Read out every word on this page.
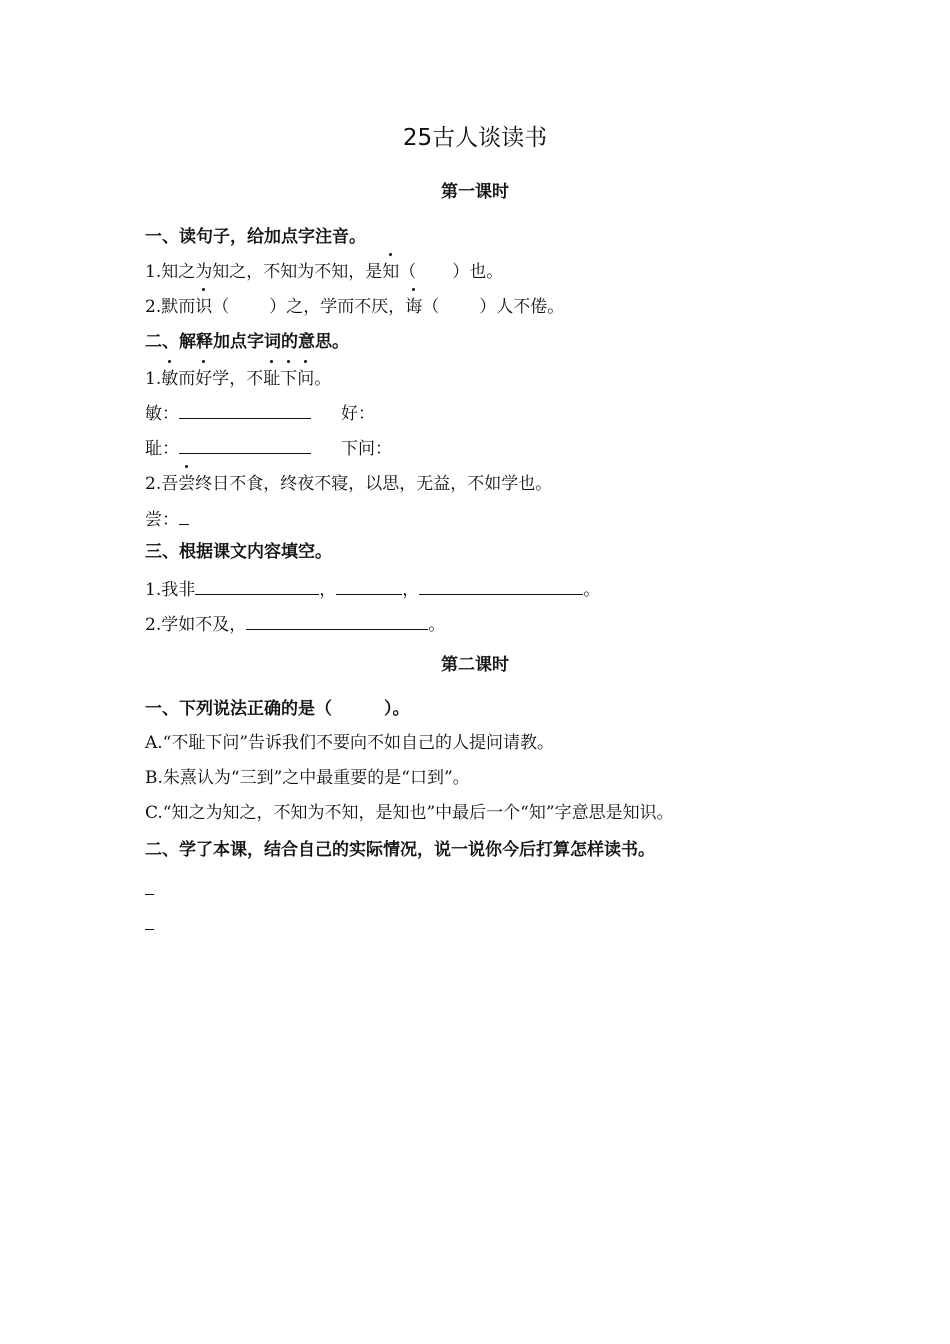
25古人谈读书
第一课时
一、读句子，给加点字注音。
1.知之为知之，不知为不知，是知（ ）也。
2.默而识（ ）之，学而不厌，诲（ ）人不倦。
二、解释加点字词的意思。
1.敏而好学，不耻下问。
敏：	好：
耻：	下问：
2.吾尝终日不食，终夜不寝，以思，无益，不如学也。
尝：
三、根据课文内容填空。
1.我非	，	，	。
2.学如不及，	。
第二课时
一、下列说法正确的是（	）。
A.“不耻下问”告诉我们不要向不如自己的人提问请教。
B.朱熹认为“三到”之中最重要的是“口到”。
C.“知之为知之，不知为不知，是知也”中最后一个“知”字意思是知识。
二、学了本课，结合自己的实际情况，说一说你今后打算怎样读书。
